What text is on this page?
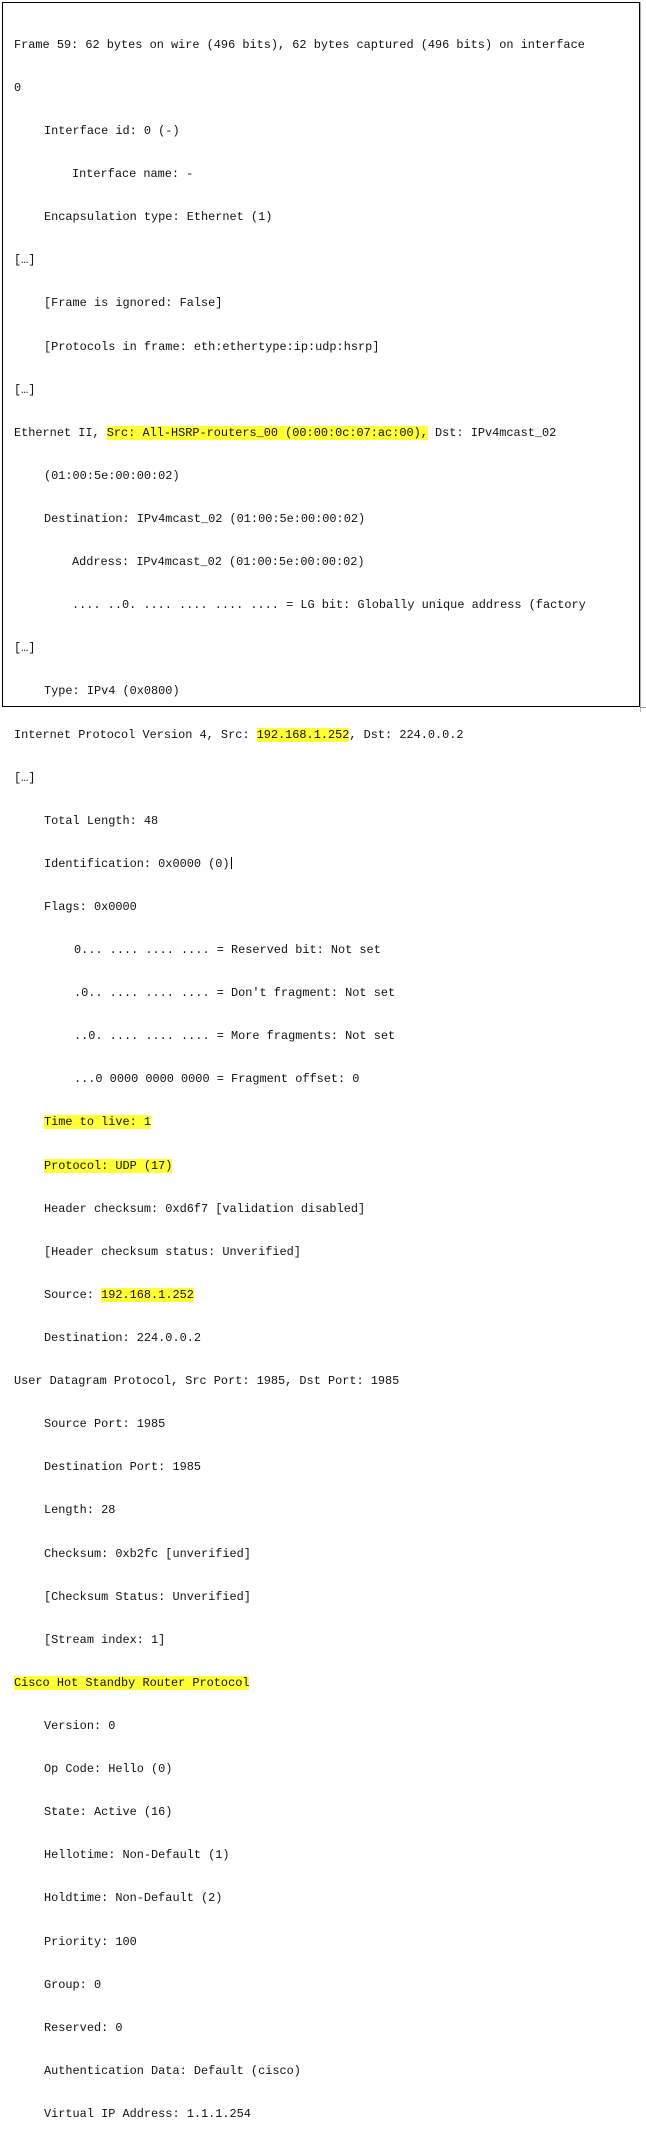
Frame 59: 62 bytes on wire (496 bits), 62 bytes captured (496 bits) on interface

0

Interface id: 0 (-)

Interface name: -

Encapsulation type: Ethernet (1)

[…]

[Frame is ignored: False]

[Protocols in frame: eth:ethertype:ip:udp:hsrp]

[…]

Ethernet II, Src: All-HSRP-routers_00 (00:00:0c:07:ac:00), Dst: IPv4mcast_02

(01:00:5e:00:00:02)

Destination: IPv4mcast_02 (01:00:5e:00:00:02)

Address: IPv4mcast_02 (01:00:5e:00:00:02)

.... ..0. .... .... .... .... = LG bit: Globally unique address (factory

[…]

Type: IPv4 (0x0800)

Internet Protocol Version 4, Src: 192.168.1.252, Dst: 224.0.0.2

[…]

Total Length: 48

Identification: 0x0000 (0)

Flags: 0x0000

0... .... .... .... = Reserved bit: Not set

.0.. .... .... .... = Don't fragment: Not set

..0. .... .... .... = More fragments: Not set

...0 0000 0000 0000 = Fragment offset: 0

Time to live: 1

Protocol: UDP (17)

Header checksum: 0xd6f7 [validation disabled]

[Header checksum status: Unverified]

Source: 192.168.1.252

Destination: 224.0.0.2

User Datagram Protocol, Src Port: 1985, Dst Port: 1985

Source Port: 1985

Destination Port: 1985

Length: 28

Checksum: 0xb2fc [unverified]

[Checksum Status: Unverified]

[Stream index: 1]

Cisco Hot Standby Router Protocol

Version: 0

Op Code: Hello (0)

State: Active (16)

Hellotime: Non-Default (1)

Holdtime: Non-Default (2)

Priority: 100

Group: 0

Reserved: 0

Authentication Data: Default (cisco)

Virtual IP Address: 1.1.1.254
